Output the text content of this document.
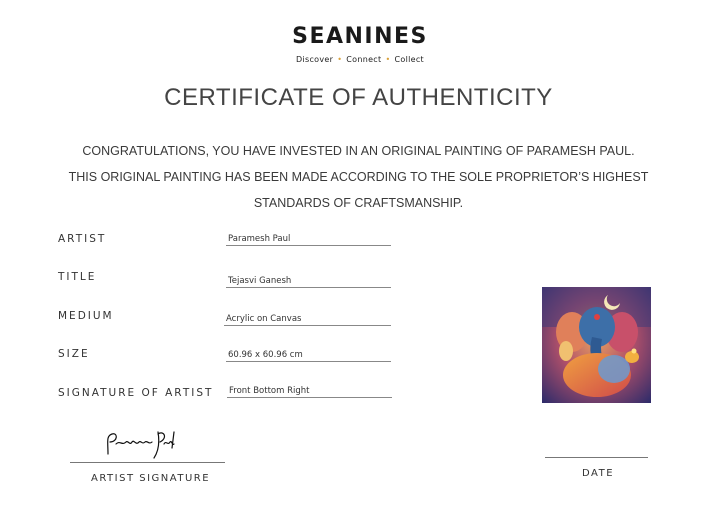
SEANINES
Discover • Connect • Collect
CERTIFICATE OF AUTHENTICITY
CONGRATULATIONS, YOU HAVE INVESTED IN AN ORIGINAL PAINTING OF PARAMESH PAUL.
THIS ORIGINAL PAINTING HAS BEEN MADE ACCORDING TO THE SOLE PROPRIETOR’S HIGHEST
STANDARDS OF CRAFTSMANSHIP.
ARTIST	Paramesh Paul
TITLE	Tejasvi Ganesh
MEDIUM	Acrylic on Canvas
SIZE	60.96 x 60.96 cm
SIGNATURE OF ARTIST Front Bottom Right
ARTIST SIGNATURE	DATE
